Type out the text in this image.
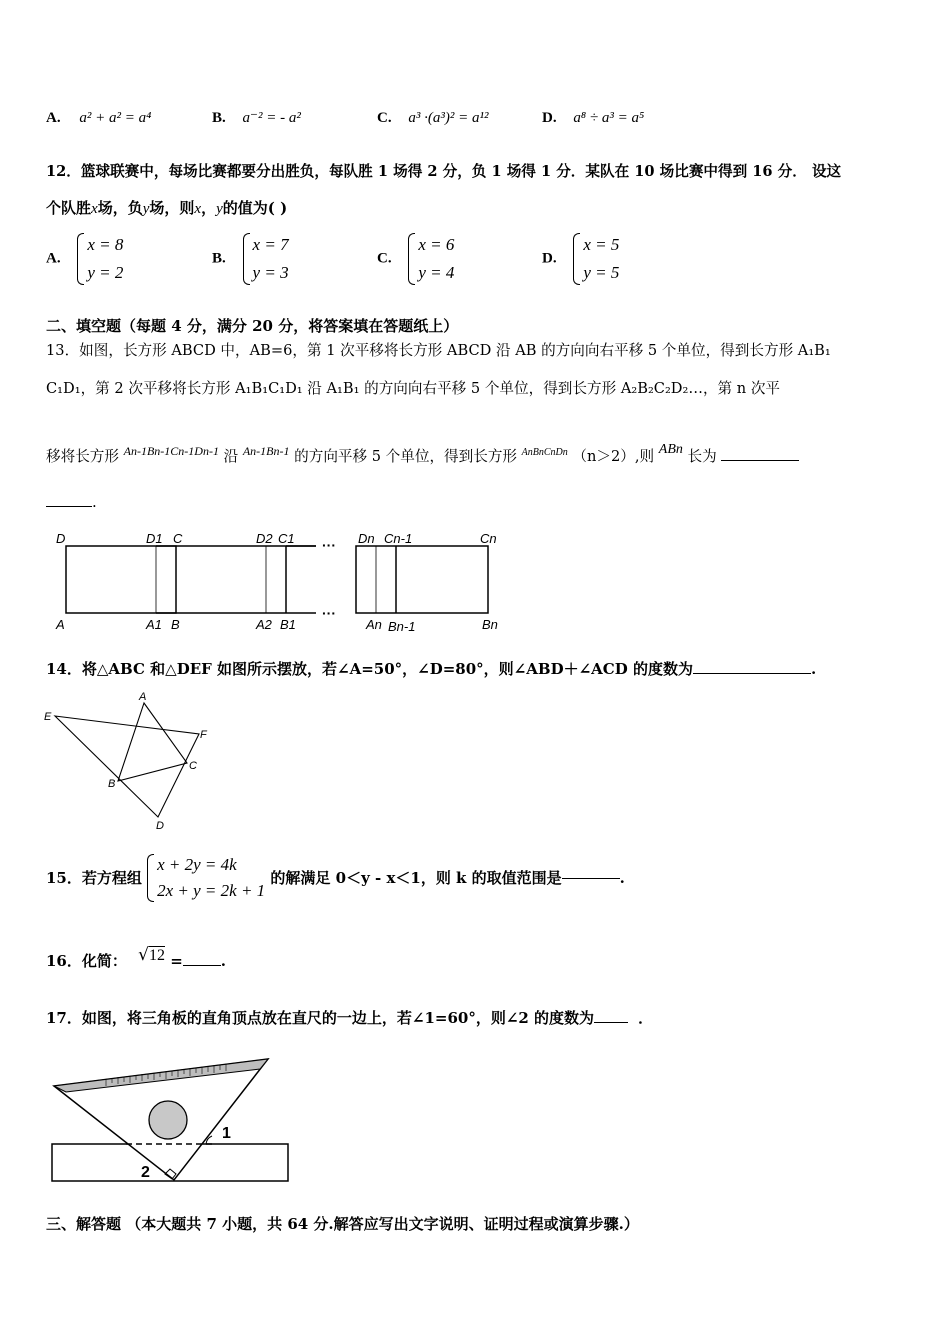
A. a² + a² = a⁴	B. a⁻² = - a²	C. a³ ·(a³)² = a¹²	D. a⁸ ÷ a³ = a⁵
12．篮球联赛中，每场比赛都要分出胜负，每队胜 1 场得 2 分，负 1 场得 1 分．某队在 10 场比赛中得到 16 分． 设这
个队胜x场，负y场，则x，y的值为( )
A.
x = 8
y = 2
B.
x = 7
y = 3
C.
x = 6
y = 4
D.
x = 5
y = 5
二、填空题（每题 4 分，满分 20 分，将答案填在答题纸上）
13．如图，长方形 ABCD 中，AB=6，第 1 次平移将长方形 ABCD 沿 AB 的方向向右平移 5 个单位，得到长方形 A₁B₁
C₁D₁，第 2 次平移将长方形 A₁B₁C₁D₁ 沿 A₁B₁ 的方向向右平移 5 个单位，得到长方形 A₂B₂C₂D₂…，第 n 次平
移将长方形 $^{An-1Bn-1Cn-1Dn-1}$ 沿 $^{An-1Bn-1}$ 的方向平移 5 个单位，得到长方形 $^{AnBnCnDn}$ （n＞2）,则 ABn 长为
.
D	D1 C	D2 C1	Dn Cn-1	Cn
A	A1 B	A2 B1	An Bn-1	Bn
···
···
14．将△ABC 和△DEF 如图所示摆放，若∠A=50°，∠D=80°，则∠ABD＋∠ACD 的度数为	.
A
E
F
C
B
D
15．若方程组
x + 2y = 4k
2x + y = 2k + 1
的解满足 0＜y - x＜1，则 k 的取值范围是	.
16．化简： √12 =	.
17．如图，将三角板的直角顶点放在直尺的一边上，若∠1=60°，则∠2 的度数为	．
1
2
三、解答题 （本大题共 7 小题，共 64 分.解答应写出文字说明、证明过程或演算步骤.）
